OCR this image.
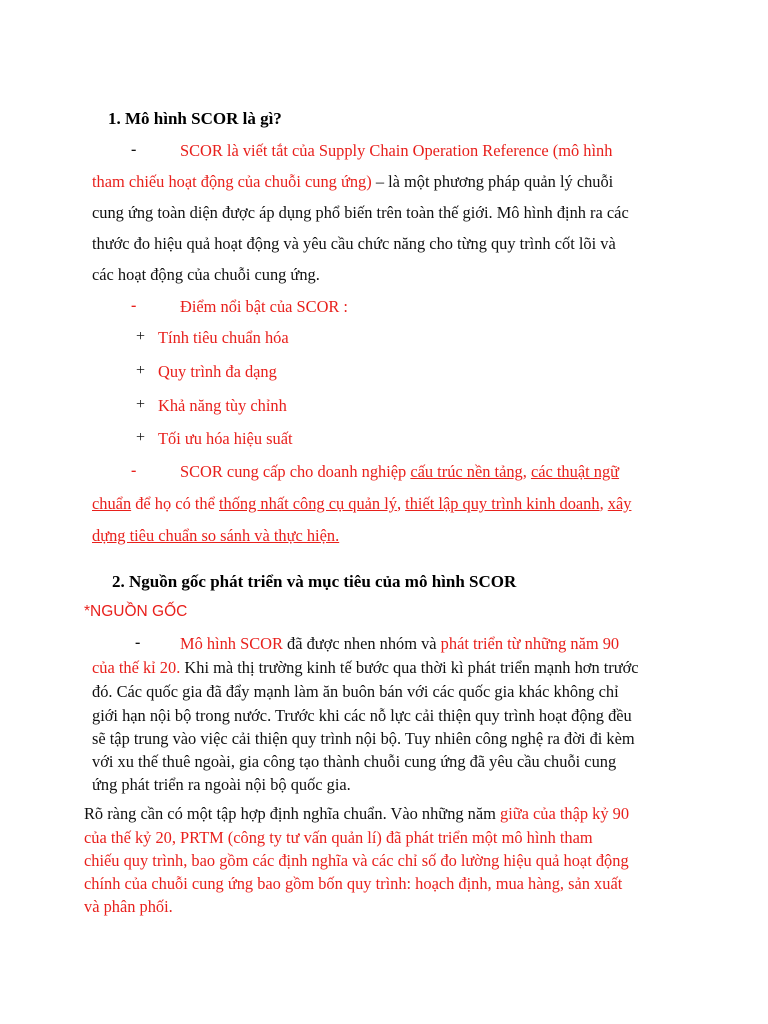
1. Mô hình SCOR là gì?
-	SCOR là viết tắt của Supply Chain Operation Reference (mô hình
tham chiếu hoạt động của chuỗi cung ứng) – là một phương pháp quản lý chuỗi
cung ứng toàn diện được áp dụng phổ biến trên toàn thế giới. Mô hình định ra các
thước đo hiệu quả hoạt động và yêu cầu chức năng cho từng quy trình cốt lõi và
các hoạt động của chuỗi cung ứng.
-	Điểm nổi bật của SCOR :
+ Tính tiêu chuẩn hóa
+ Quy trình đa dạng
+ Khả năng tùy chỉnh
+ Tối ưu hóa hiệu suất
-	SCOR cung cấp cho doanh nghiệp cấu trúc nền tảng, các thuật ngữ
chuẩn để họ có thể thống nhất công cụ quản lý, thiết lập quy trình kinh doanh, xây
dựng tiêu chuẩn so sánh và thực hiện.
2. Nguồn gốc phát triển và mục tiêu của mô hình SCOR
*NGUỒN GỐC
- Mô hình SCOR đã được nhen nhóm và phát triển từ những năm 90
của thế kỉ 20. Khi mà thị trường kinh tế bước qua thời kì phát triển mạnh hơn trước
đó. Các quốc gia đã đẩy mạnh làm ăn buôn bán với các quốc gia khác không chỉ
giới hạn nội bộ trong nước. Trước khi các nỗ lực cải thiện quy trình hoạt động đều
sẽ tập trung vào việc cải thiện quy trình nội bộ. Tuy nhiên công nghệ ra đời đi kèm
với xu thế thuê ngoài, gia công tạo thành chuỗi cung ứng đã yêu cầu chuỗi cung
ứng phát triển ra ngoài nội bộ quốc gia.
Rõ ràng cần có một tập hợp định nghĩa chuẩn. Vào những năm giữa của thập kỷ 90
của thế kỷ 20, PRTM (công ty tư vấn quản lí) đã phát triển một mô hình tham
chiếu quy trình, bao gồm các định nghĩa và các chỉ số đo lường hiệu quả hoạt động
chính của chuỗi cung ứng bao gồm bốn quy trình: hoạch định, mua hàng, sản xuất
và phân phối.
